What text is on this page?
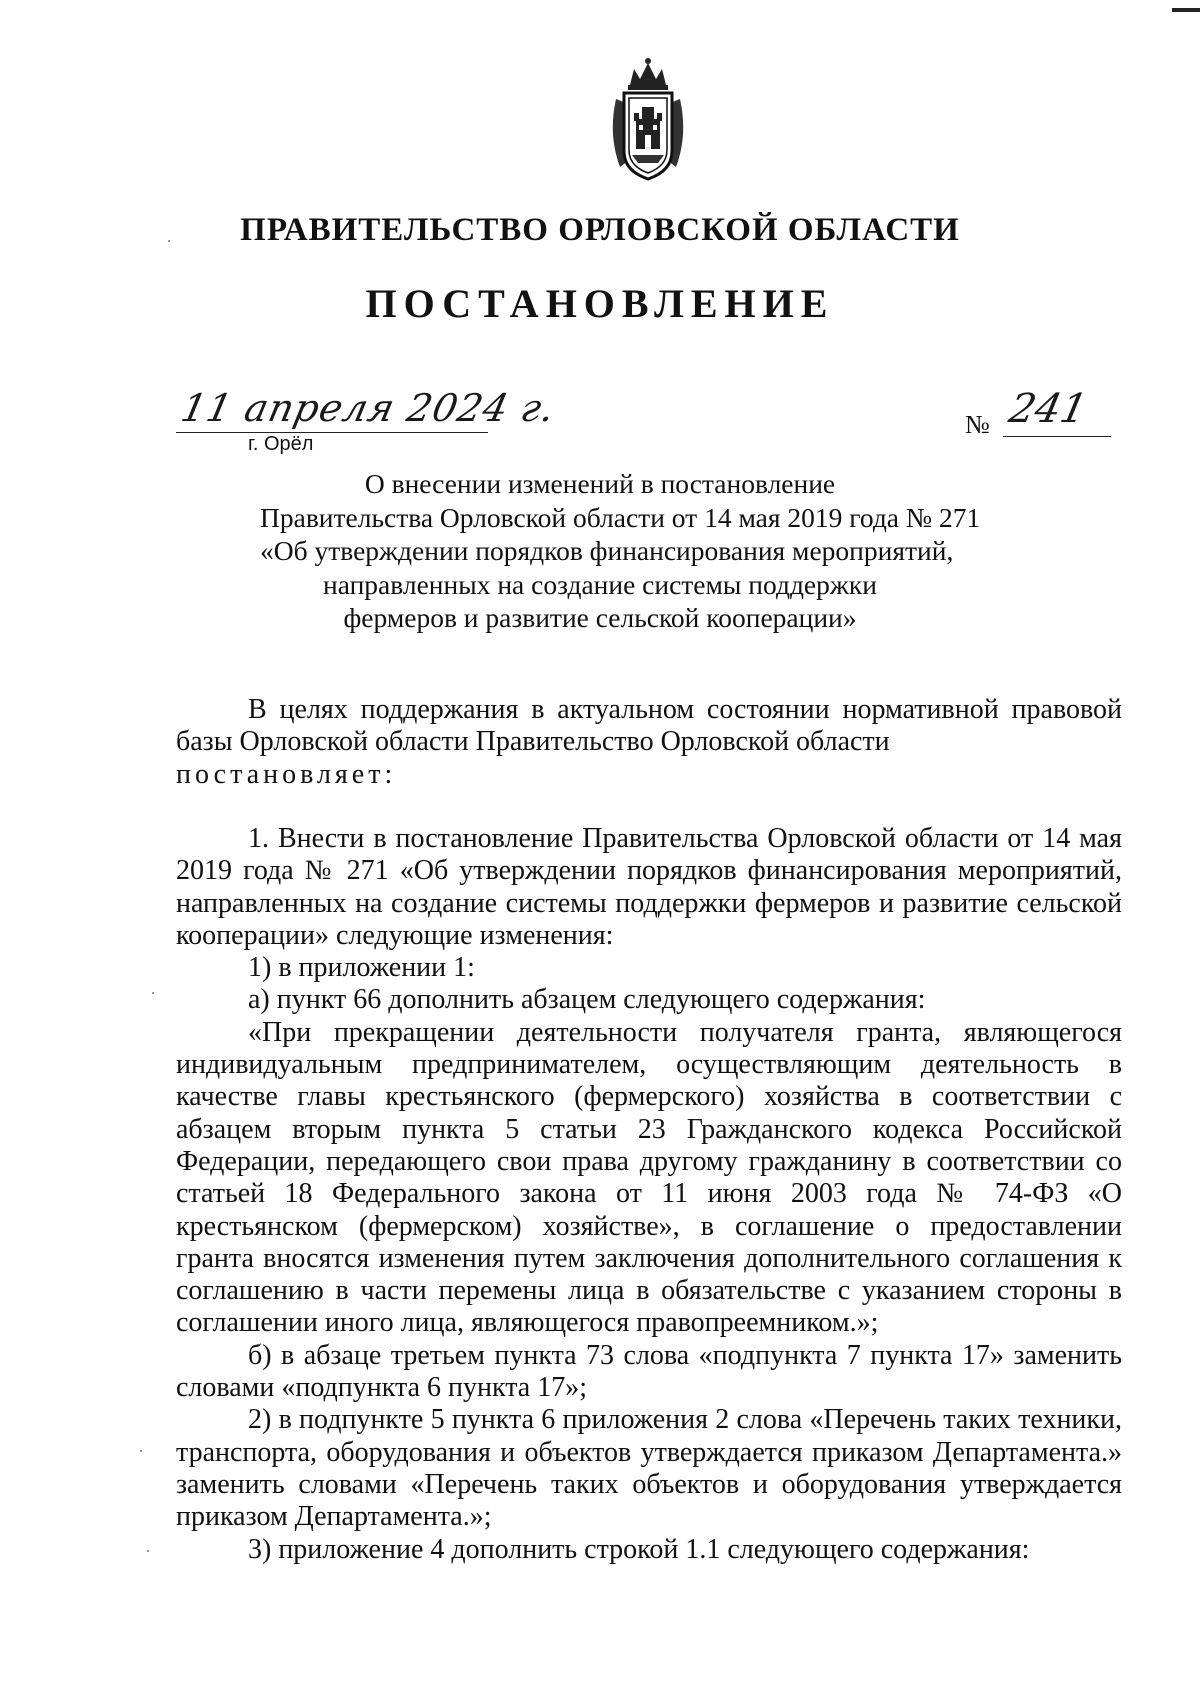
ПРАВИТЕЛЬСТВО ОРЛОВСКОЙ ОБЛАСТИ
ПОСТАНОВЛЕНИЕ
11 апреля 2024 г.
г. Орёл
№ 241
О внесении изменений в постановление
Правительства Орловской области от 14 мая 2019 года № 271
«Об утверждении порядков финансирования мероприятий,
направленных на создание системы поддержки
фермеров и развитие сельской кооперации»

В целях поддержания в актуальном состоянии нормативной правовой базы Орловской области Правительство Орловской области

постановляет:

1. Внести в постановление Правительства Орловской области от 14 мая 2019 года № 271 «Об утверждении порядков финансирования мероприятий, направленных на создание системы поддержки фермеров и развитие сельской кооперации» следующие изменения:

1) в приложении 1:

а) пункт 66 дополнить абзацем следующего содержания:

«При прекращении деятельности получателя гранта, являющегося индивидуальным предпринимателем, осуществляющим деятельность в качестве главы крестьянского (фермерского) хозяйства в соответствии с абзацем вторым пункта 5 статьи 23 Гражданского кодекса Российской Федерации, передающего свои права другому гражданину в соответствии со статьей 18 Федерального закона от 11 июня 2003 года № 74-ФЗ «О крестьянском (фермерском) хозяйстве», в соглашение о предоставлении гранта вносятся изменения путем заключения дополнительного соглашения к соглашению в части перемены лица в обязательстве с указанием стороны в соглашении иного лица, являющегося правопреемником.»;

б) в абзаце третьем пункта 73 слова «подпункта 7 пункта 17» заменить словами «подпункта 6 пункта 17»;

2) в подпункте 5 пункта 6 приложения 2 слова «Перечень таких техники, транспорта, оборудования и объектов утверждается приказом Департамента.» заменить словами «Перечень таких объектов и оборудования утверждается приказом Департамента.»;

3) приложение 4 дополнить строкой 1.1 следующего содержания:
